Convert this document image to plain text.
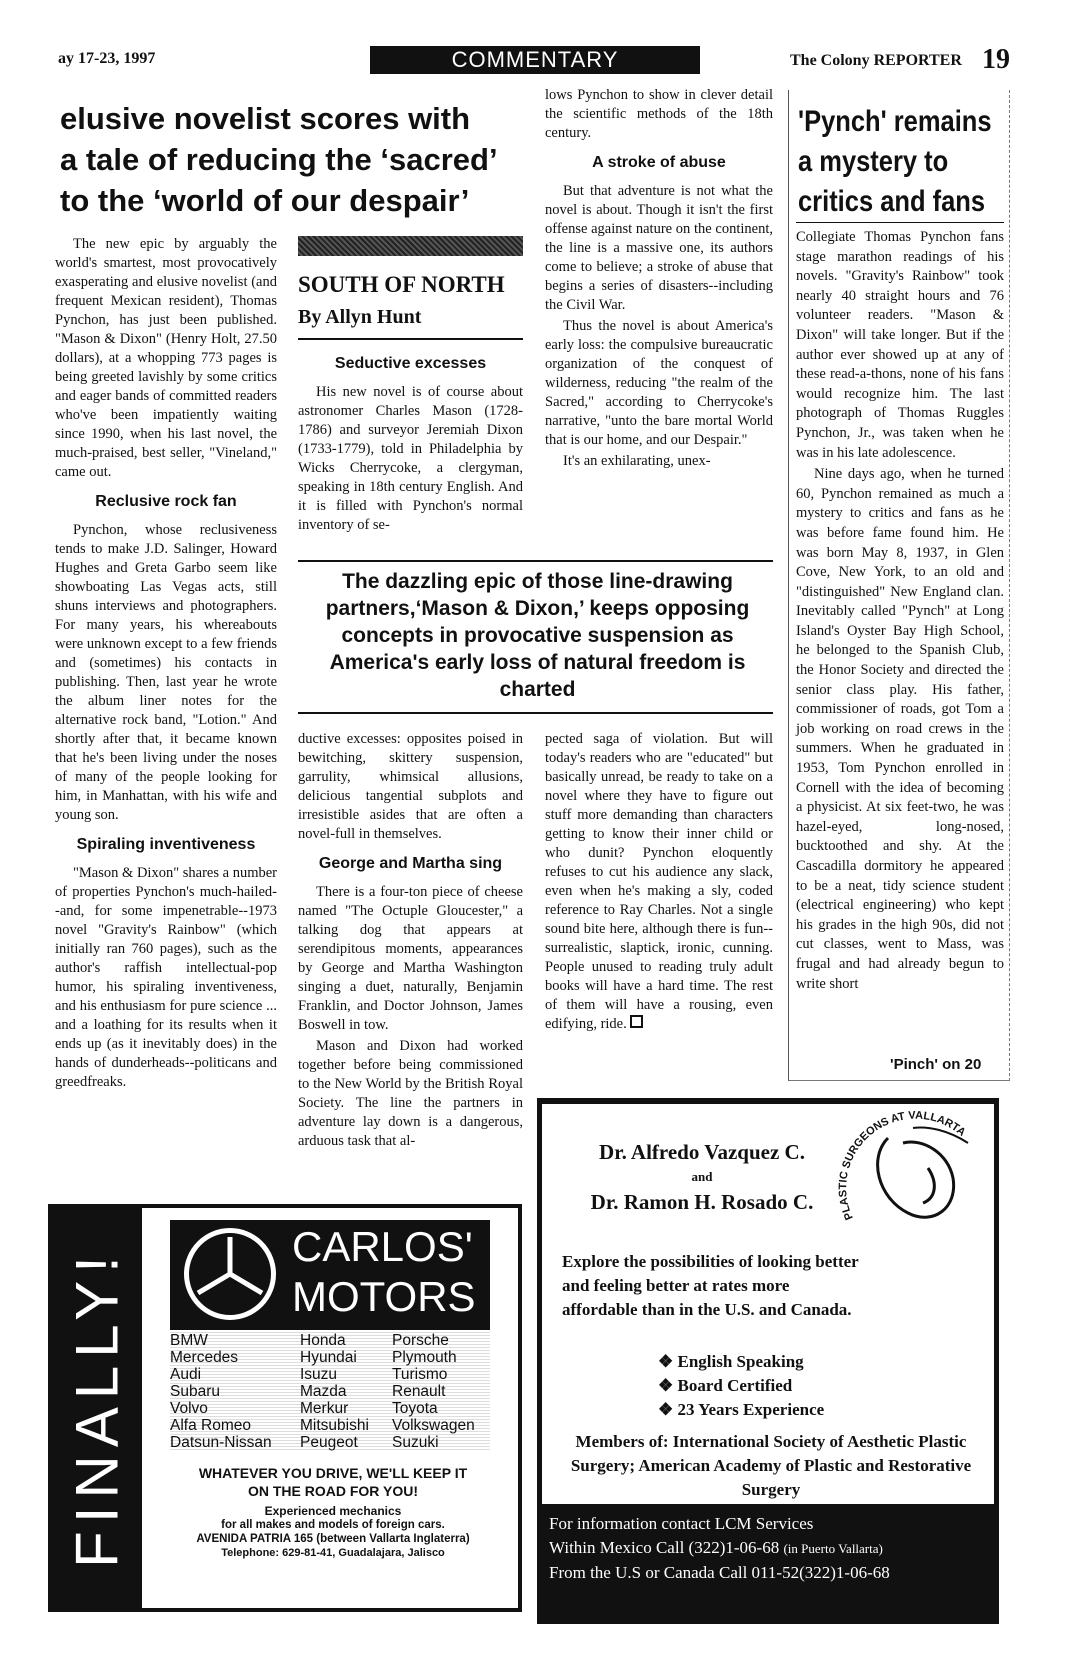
ay 17-23, 1997	COMMENTARY	The Colony REPORTER 19
elusive novelist scores with
a tale of reducing the ‘sacred’
to the ‘world of our despair’

The new epic by arguably the world's smartest, most provocatively exasperating and elusive novelist (and frequent Mexican resident), Thomas Pynchon, has just been published. "Mason & Dixon" (Henry Holt, 27.50 dollars), at a whopping 773 pages is being greeted lavishly by some critics and eager bands of committed readers who've been impatiently waiting since 1990, when his last novel, the much-praised, best seller, "Vineland," came out.

Reclusive rock fan

Pynchon, whose reclusiveness tends to make J.D. Salinger, Howard Hughes and Greta Garbo seem like showboating Las Vegas acts, still shuns interviews and photographers. For many years, his whereabouts were unknown except to a few friends and (sometimes) his contacts in publishing. Then, last year he wrote the album liner notes for the alternative rock band, "Lotion." And shortly after that, it became known that he's been living under the noses of many of the people looking for him, in Manhattan, with his wife and young son.

Spiraling inventiveness

"Mason & Dixon" shares a number of properties Pynchon's much-hailed--and, for some impenetrable--1973 novel "Gravity's Rainbow" (which initially ran 760 pages), such as the author's raffish intellectual-pop humor, his spiraling inventiveness, and his enthusiasm for pure science ... and a loathing for its results when it ends up (as it inevitably does) in the hands of dunderheads--politicans and greedfreaks.

SOUTH OF NORTH
By Allyn Hunt
Seductive excesses

His new novel is of course about astronomer Charles Mason (1728-1786) and surveyor Jeremiah Dixon (1733-1779), told in Philadelphia by Wicks Cherrycoke, a clergyman, speaking in 18th century English. And it is filled with Pynchon's normal inventory of se-

lows Pynchon to show in clever detail the scientific methods of the 18th century.

A stroke of abuse

But that adventure is not what the novel is about. Though it isn't the first offense against nature on the continent, the line is a massive one, its authors come to believe; a stroke of abuse that begins a series of disasters--including the Civil War.

Thus the novel is about America's early loss: the compulsive bureaucratic organization of the conquest of wilderness, reducing "the realm of the Sacred," according to Cherrycoke's narrative, "unto the bare mortal World that is our home, and our Despair."

It's an exhilarating, unex-

The dazzling epic of those line-drawing partners,‘Mason & Dixon,’ keeps opposing concepts in provocative suspension as America's early loss of natural freedom is charted

ductive excesses: opposites poised in bewitching, skittery suspension, garrulity, whimsical allusions, delicious tangential subplots and irresistible asides that are often a novel-full in themselves.

George and Martha sing

There is a four-ton piece of cheese named "The Octuple Gloucester," a talking dog that appears at serendipitous moments, appearances by George and Martha Washington singing a duet, naturally, Benjamin Franklin, and Doctor Johnson, James Boswell in tow.

Mason and Dixon had worked together before being commissioned to the New World by the British Royal Society. The line the partners in adventure lay down is a dangerous, arduous task that al-

pected saga of violation. But will today's readers who are "educated" but basically unread, be ready to take on a novel where they have to figure out stuff more demanding than characters getting to know their inner child or who dunit? Pynchon eloquently refuses to cut his audience any slack, even when he's making a sly, coded reference to Ray Charles. Not a single sound bite here, although there is fun--surrealistic, slaptick, ironic, cunning. People unused to reading truly adult books will have a hard time. The rest of them will have a rousing, even edifying, ride.

'Pynch' remains a mystery to critics and fans

Collegiate Thomas Pynchon fans stage marathon readings of his novels. "Gravity's Rainbow" took nearly 40 straight hours and 76 volunteer readers. "Mason & Dixon" will take longer. But if the author ever showed up at any of these read-a-thons, none of his fans would recognize him. The last photograph of Thomas Ruggles Pynchon, Jr., was taken when he was in his late adolescence.

Nine days ago, when he turned 60, Pynchon remained as much a mystery to critics and fans as he was before fame found him. He was born May 8, 1937, in Glen Cove, New York, to an old and "distinguished" New England clan. Inevitably called "Pynch" at Long Island's Oyster Bay High School, he belonged to the Spanish Club, the Honor Society and directed the senior class play. His father, commissioner of roads, got Tom a job working on road crews in the summers. When he graduated in 1953, Tom Pynchon enrolled in Cornell with the idea of becoming a physicist. At six feet-two, he was hazel-eyed, long-nosed, bucktoothed and shy. At the Cascadilla dormitory he appeared to be a neat, tidy science student (electrical engineering) who kept his grades in the high 90s, did not cut classes, went to Mass, was frugal and had already begun to write short

'Pinch' on 20
FINALLY!
CARLOS'
MOTORS
BMW
Mercedes
Audi
Subaru
Volvo
Alfa Romeo
Datsun-Nissan
Honda
Hyundai
Isuzu
Mazda
Merkur
Mitsubishi
Peugeot
Porsche
Plymouth
Turismo
Renault
Toyota
Volkswagen
Suzuki
WHATEVER YOU DRIVE, WE'LL KEEP IT
ON THE ROAD FOR YOU!
Experienced mechanics
for all makes and models of foreign cars.
AVENIDA PATRIA 165 (between Vallarta Inglaterra)
Telephone: 629-81-41, Guadalajara, Jalisco
Dr. Alfredo Vazquez C.
and
Dr. Ramon H. Rosado C.
PLASTIC SURGEONS AT VALLARTA
Explore the possibilities of looking better and feeling better at rates more affordable than in the U.S. and Canada.
❖ English Speaking
❖ Board Certified
❖ 23 Years Experience
Members of: International Society of Aesthetic Plastic Surgery; American Academy of Plastic and Restorative Surgery
For information contact LCM Services
Within Mexico Call (322)1-06-68 (in Puerto Vallarta)
From the U.S or Canada Call 011-52(322)1-06-68
